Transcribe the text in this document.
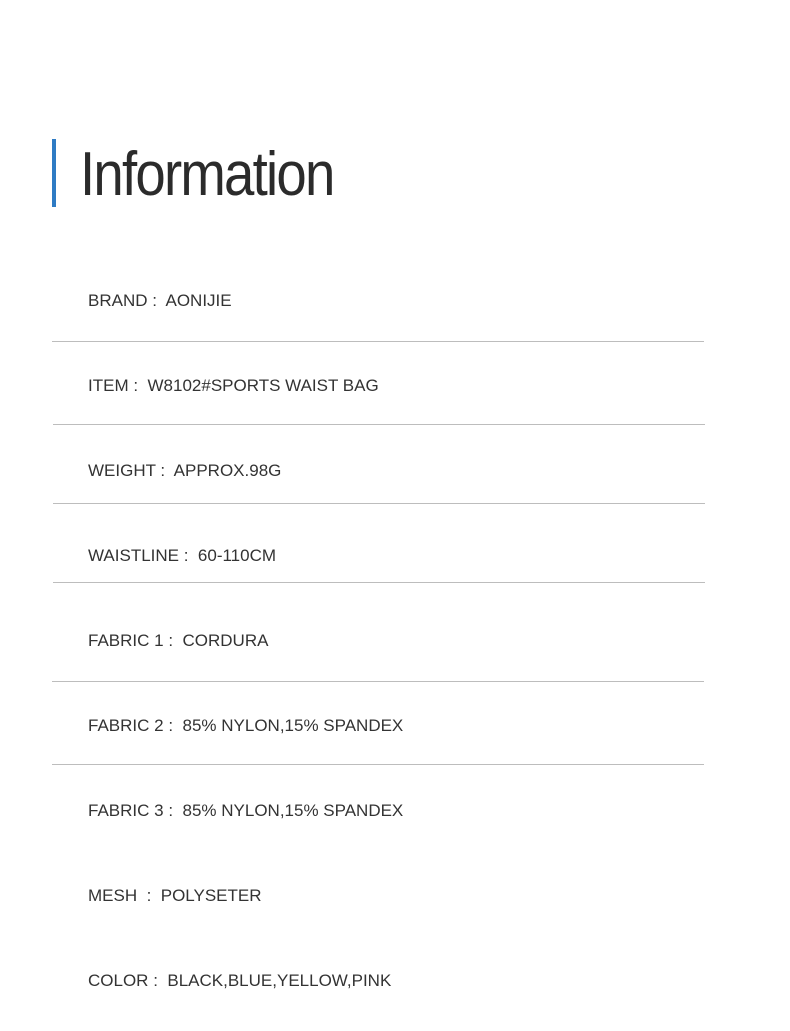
Information
BRAND :  AONIJIE
ITEM :  W8102#SPORTS WAIST BAG
WEIGHT :  APPROX.98G
WAISTLINE :  60-110CM
FABRIC 1 :  CORDURA
FABRIC 2 :  85% NYLON,15% SPANDEX
FABRIC 3 :  85% NYLON,15% SPANDEX
MESH  :  POLYSETER
COLOR :  BLACK,BLUE,YELLOW,PINK
